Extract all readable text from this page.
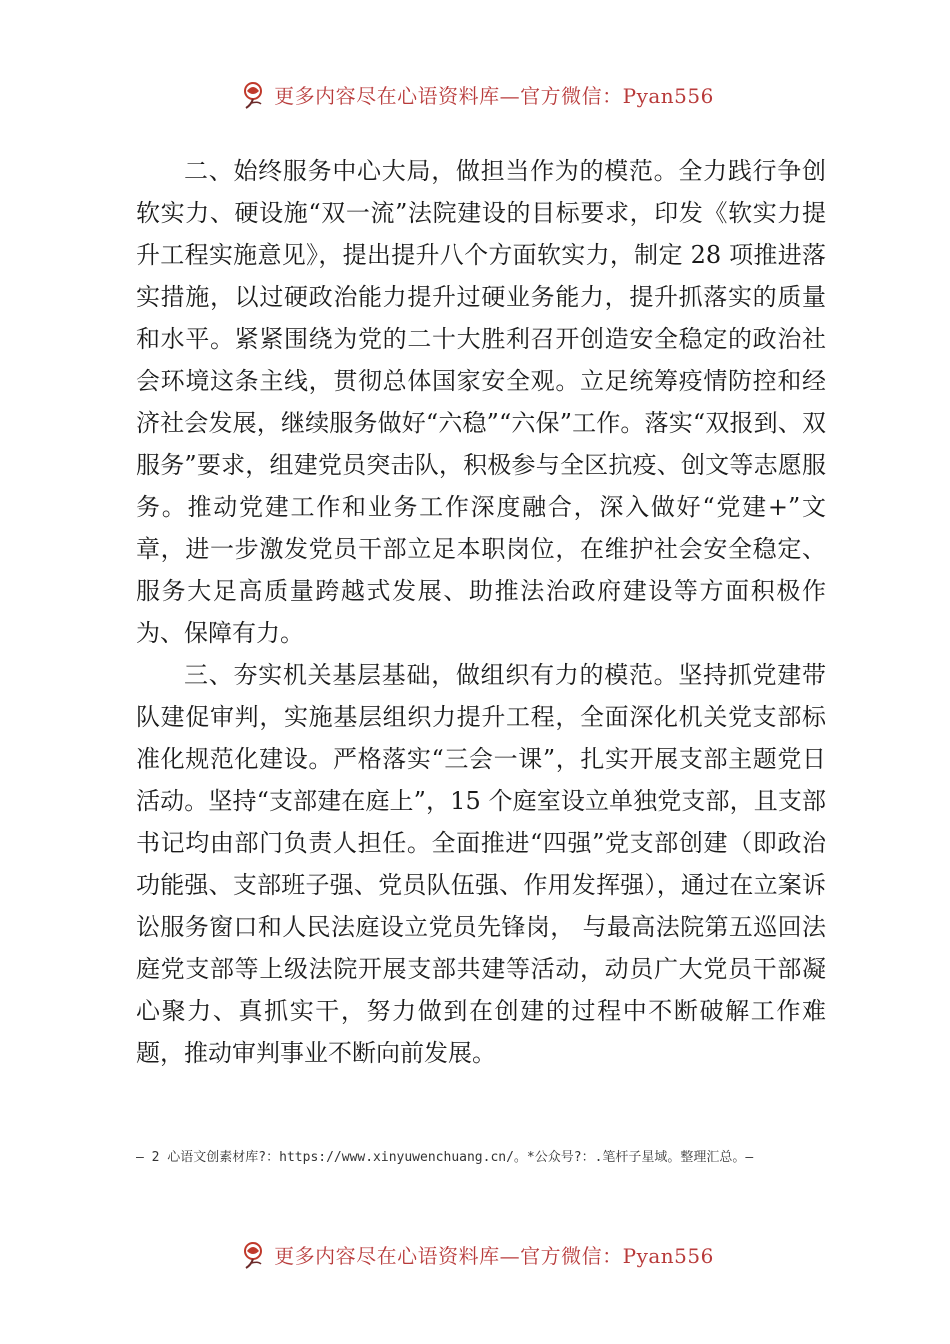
更多内容尽在心语资料库—官方微信：Pyan556

二、始终服务中心大局，做担当作为的模范。全力践行争创软实力、硬设施“双一流”法院建设的目标要求，印发《软实力提升工程实施意见》，提出提升八个方面软实力，制定 28 项推进落实措施，以过硬政治能力提升过硬业务能力，提升抓落实的质量和水平。紧紧围绕为党的二十大胜利召开创造安全稳定的政治社会环境这条主线，贯彻总体国家安全观。立足统筹疫情防控和经济社会发展，继续服务做好“六稳”“六保”工作。落实“双报到、双服务”要求，组建党员突击队，积极参与全区抗疫、创文等志愿服务。推动党建工作和业务工作深度融合，深入做好“党建+”文章，进一步激发党员干部立足本职岗位，在维护社会安全稳定、服务大足高质量跨越式发展、助推法治政府建设等方面积极作为、保障有力。

三、夯实机关基层基础，做组织有力的模范。坚持抓党建带队建促审判，实施基层组织力提升工程，全面深化机关党支部标准化规范化建设。严格落实“三会一课”，扎实开展支部主题党日活动。坚持“支部建在庭上”，15 个庭室设立单独党支部，且支部书记均由部门负责人担任。全面推进“四强”党支部创建（即政治功能强、支部班子强、党员队伍强、作用发挥强），通过在立案诉讼服务窗口和人民法庭设立党员先锋岗， 与最高法院第五巡回法庭党支部等上级法院开展支部共建等活动，动员广大党员干部凝心聚力、真抓实干，努力做到在创建的过程中不断破解工作难题，推动审判事业不断向前发展。

— 2 心语文创素材库?：https://www.xinyuwenchuang.cn/。*公众号?：.笔杆子星域。整理汇总。—
更多内容尽在心语资料库—官方微信：Pyan556
